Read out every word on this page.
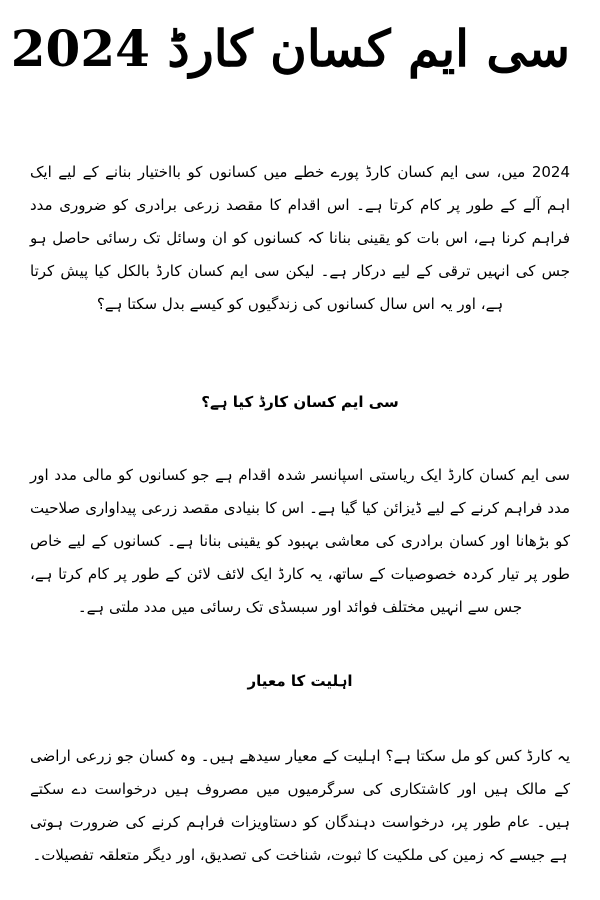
سی ایم کسان کارڈ 2024

2024 میں، سی ایم کسان کارڈ پورے خطے میں کسانوں کو بااختیار بنانے کے لیے ایک اہم آلے کے طور پر کام کرتا ہے۔ اس اقدام کا مقصد زرعی برادری کو ضروری مدد فراہم کرنا ہے، اس بات کو یقینی بنانا کہ کسانوں کو ان وسائل تک رسائی حاصل ہو جس کی انہیں ترقی کے لیے درکار ہے۔ لیکن سی ایم کسان کارڈ بالکل کیا پیش کرتا ہے، اور یہ اس سال کسانوں کی زندگیوں کو کیسے بدل سکتا ہے؟

سی ایم کسان کارڈ کیا ہے؟

سی ایم کسان کارڈ ایک ریاستی اسپانسر شدہ اقدام ہے جو کسانوں کو مالی مدد اور مدد فراہم کرنے کے لیے ڈیزائن کیا گیا ہے۔ اس کا بنیادی مقصد زرعی پیداواری صلاحیت کو بڑھانا اور کسان برادری کی معاشی بہبود کو یقینی بنانا ہے۔ کسانوں کے لیے خاص طور پر تیار کردہ خصوصیات کے ساتھ، یہ کارڈ ایک لائف لائن کے طور پر کام کرتا ہے، جس سے انہیں مختلف فوائد اور سبسڈی تک رسائی میں مدد ملتی ہے۔

اہلیت کا معیار

یہ کارڈ کس کو مل سکتا ہے؟ اہلیت کے معیار سیدھے ہیں۔ وہ کسان جو زرعی اراضی کے مالک ہیں اور کاشتکاری کی سرگرمیوں میں مصروف ہیں درخواست دے سکتے ہیں۔ عام طور پر، درخواست دہندگان کو دستاویزات فراہم کرنے کی ضرورت ہوتی ہے جیسے کہ زمین کی ملکیت کا ثبوت، شناخت کی تصدیق، اور دیگر متعلقہ تفصیلات۔
